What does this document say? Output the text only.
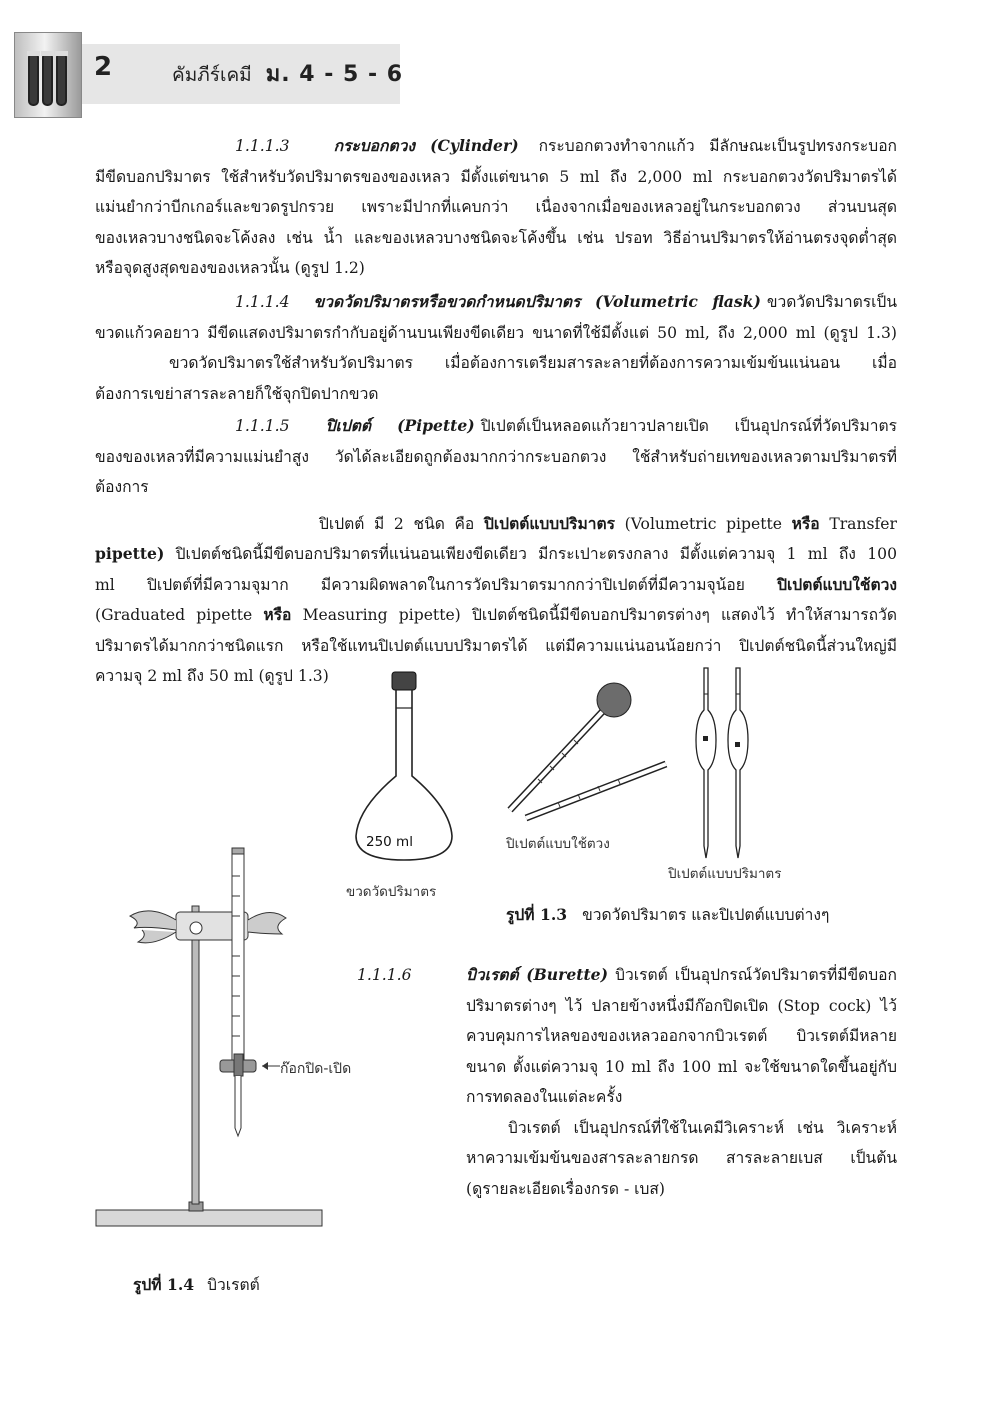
2	คัมภีร์เคมี ม. 4 - 5 - 6
1.1.1.3	กระบอกตวง (Cylinder) กระบอกตวงทำจากแก้ว มีลักษณะเป็นรูปทรงกระบอก
มีขีดบอกปริมาตร ใช้สำหรับวัดปริมาตรของของเหลว มีตั้งแต่ขนาด 5 ml ถึง 2,000 ml กระบอกตวงวัดปริมาตรได้
แม่นยำกว่าบีกเกอร์และขวดรูปกรวย เพราะมีปากที่แคบกว่า เนื่องจากเมื่อของเหลวอยู่ในกระบอกตวง ส่วนบนสุด
ของเหลวบางชนิดจะโค้งลง เช่น น้ำ และของเหลวบางชนิดจะโค้งขึ้น เช่น ปรอท วิธีอ่านปริมาตรให้อ่านตรงจุดต่ำสุด
หรือจุดสูงสุดของของเหลวนั้น (ดูรูป 1.2)
1.1.1.4 ขวดวัดปริมาตรหรือขวดกำหนดปริมาตร (Volumetric flask) ขวดวัดปริมาตรเป็น
ขวดแก้วคอยาว มีขีดแสดงปริมาตรกำกับอยู่ด้านบนเพียงขีดเดียว ขนาดที่ใช้มีตั้งแต่ 50 ml, ถึง 2,000 ml (ดูรูป 1.3)
ขวดวัดปริมาตรใช้สำหรับวัดปริมาตร เมื่อต้องการเตรียมสารละลายที่ต้องการความเข้มข้นแน่นอน เมื่อ
ต้องการเขย่าสารละลายก็ใช้จุกปิดปากขวด
1.1.1.5 ปิเปตต์ (Pipette) ปิเปตต์เป็นหลอดแก้วยาวปลายเปิด เป็นอุปกรณ์ที่วัดปริมาตร
ของของเหลวที่มีความแม่นยำสูง วัดได้ละเอียดถูกต้องมากกว่ากระบอกตวง ใช้สำหรับถ่ายเทของเหลวตามปริมาตรที่
ต้องการ
ปิเปตต์ มี 2 ชนิด คือ ปิเปตต์แบบปริมาตร (Volumetric pipette หรือ Transfer
pipette) ปิเปตต์ชนิดนี้มีขีดบอกปริมาตรที่แน่นอนเพียงขีดเดียว มีกระเปาะตรงกลาง มีตั้งแต่ความจุ 1 ml ถึง 100
ml ปิเปตต์ที่มีความจุมาก มีความผิดพลาดในการวัดปริมาตรมากกว่าปิเปตต์ที่มีความจุน้อย ปิเปตต์แบบใช้ตวง
(Graduated pipette หรือ Measuring pipette) ปิเปตต์ชนิดนี้มีขีดบอกปริมาตรต่างๆ แสดงไว้ ทำให้สามารถวัด
ปริมาตรได้มากกว่าชนิดแรก หรือใช้แทนปิเปตต์แบบปริมาตรได้ แต่มีความแน่นอนน้อยกว่า ปิเปตต์ชนิดนี้ส่วนใหญ่มี
ความจุ 2 ml ถึง 50 ml (ดูรูป 1.3)
250 ml
ขวดวัดปริมาตร
ปิเปตต์แบบใช้ตวง
ปิเปตต์แบบปริมาตร
รูปที่ 1.3 ขวดวัดปริมาตร และปิเปตต์แบบต่างๆ
ก๊อกปิด-เปิด
1.1.1.6	บิวเรตต์ (Burette) บิวเรตต์ เป็นอุปกรณ์วัดปริมาตรที่มีขีดบอก
ปริมาตรต่างๆ ไว้ ปลายข้างหนึ่งมีก๊อกปิดเปิด (Stop cock) ไว้
ควบคุมการไหลของของเหลวออกจากบิวเรตต์ บิวเรตต์มีหลาย
ขนาด ตั้งแต่ความจุ 10 ml ถึง 100 ml จะใช้ขนาดใดขึ้นอยู่กับ
การทดลองในแต่ละครั้ง
บิวเรตต์ เป็นอุปกรณ์ที่ใช้ในเคมีวิเคราะห์ เช่น วิเคราะห์
หาความเข้มข้นของสารละลายกรด สารละลายเบส เป็นต้น
(ดูรายละเอียดเรื่องกรด - เบส)
รูปที่ 1.4 บิวเรตต์
